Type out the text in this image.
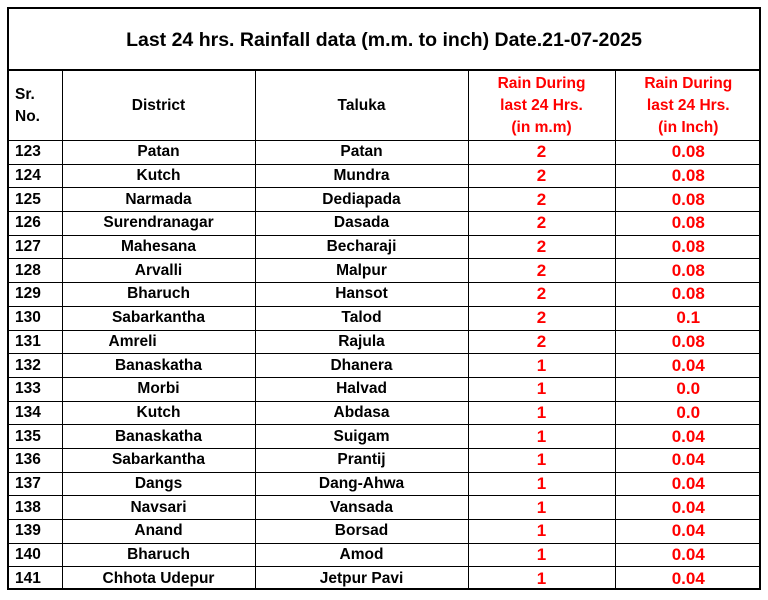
Last 24 hrs. Rainfall data (m.m. to inch) Date.21-07-2025
Sr.
No.	District	Taluka	Rain During
last 24 Hrs.
(in m.m)	Rain During
last 24 Hrs.
(in Inch)
123	Patan	Patan	2	0.08
124	Kutch	Mundra	2	0.08
125	Narmada	Dediapada	2	0.08
126	Surendranagar	Dasada	2	0.08
127	Mahesana	Becharaji	2	0.08
128	Arvalli	Malpur	2	0.08
129	Bharuch	Hansot	2	0.08
130	Sabarkantha	Talod	2	0.1
131	Amreli	Rajula	2	0.08
132	Banaskatha	Dhanera	1	0.04
133	Morbi	Halvad	1	0.0
134	Kutch	Abdasa	1	0.0
135	Banaskatha	Suigam	1	0.04
136	Sabarkantha	Prantij	1	0.04
137	Dangs	Dang-Ahwa	1	0.04
138	Navsari	Vansada	1	0.04
139	Anand	Borsad	1	0.04
140	Bharuch	Amod	1	0.04
141	Chhota Udepur	Jetpur Pavi	1	0.04
